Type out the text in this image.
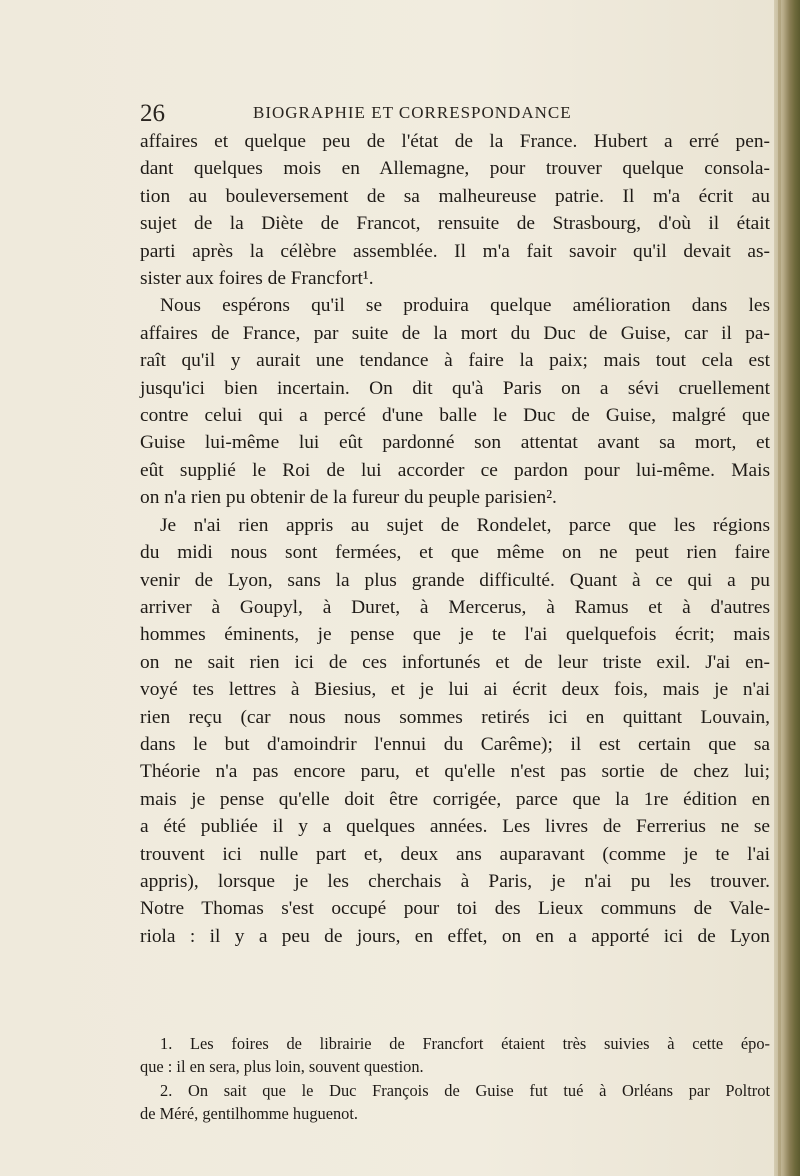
26	BIOGRAPHIE ET CORRESPONDANCE
affaires et quelque peu de l'état de la France. Hubert a erré pen-
dant quelques mois en Allemagne, pour trouver quelque consola-
tion au bouleversement de sa malheureuse patrie. Il m'a écrit au
sujet de la Diète de Francot, rensuite de Strasbourg, d'où il était
parti après la célèbre assemblée. Il m'a fait savoir qu'il devait as-
sister aux foires de Francfort¹.
Nous espérons qu'il se produira quelque amélioration dans les
affaires de France, par suite de la mort du Duc de Guise, car il pa-
raît qu'il y aurait une tendance à faire la paix; mais tout cela est
jusqu'ici bien incertain. On dit qu'à Paris on a sévi cruellement
contre celui qui a percé d'une balle le Duc de Guise, malgré que
Guise lui-même lui eût pardonné son attentat avant sa mort, et
eût supplié le Roi de lui accorder ce pardon pour lui-même. Mais
on n'a rien pu obtenir de la fureur du peuple parisien².
Je n'ai rien appris au sujet de Rondelet, parce que les régions
du midi nous sont fermées, et que même on ne peut rien faire
venir de Lyon, sans la plus grande difficulté. Quant à ce qui a pu
arriver à Goupyl, à Duret, à Mercerus, à Ramus et à d'autres
hommes éminents, je pense que je te l'ai quelquefois écrit; mais
on ne sait rien ici de ces infortunés et de leur triste exil. J'ai en-
voyé tes lettres à Biesius, et je lui ai écrit deux fois, mais je n'ai
rien reçu (car nous nous sommes retirés ici en quittant Louvain,
dans le but d'amoindrir l'ennui du Carême); il est certain que sa
Théorie n'a pas encore paru, et qu'elle n'est pas sortie de chez lui;
mais je pense qu'elle doit être corrigée, parce que la 1re édition en
a été publiée il y a quelques années. Les livres de Ferrerius ne se
trouvent ici nulle part et, deux ans auparavant (comme je te l'ai
appris), lorsque je les cherchais à Paris, je n'ai pu les trouver.
Notre Thomas s'est occupé pour toi des Lieux communs de Vale-
riola : il y a peu de jours, en effet, on en a apporté ici de Lyon
1. Les foires de librairie de Francfort étaient très suivies à cette épo-
que : il en sera, plus loin, souvent question.
2. On sait que le Duc François de Guise fut tué à Orléans par Poltrot
de Méré, gentilhomme huguenot.
